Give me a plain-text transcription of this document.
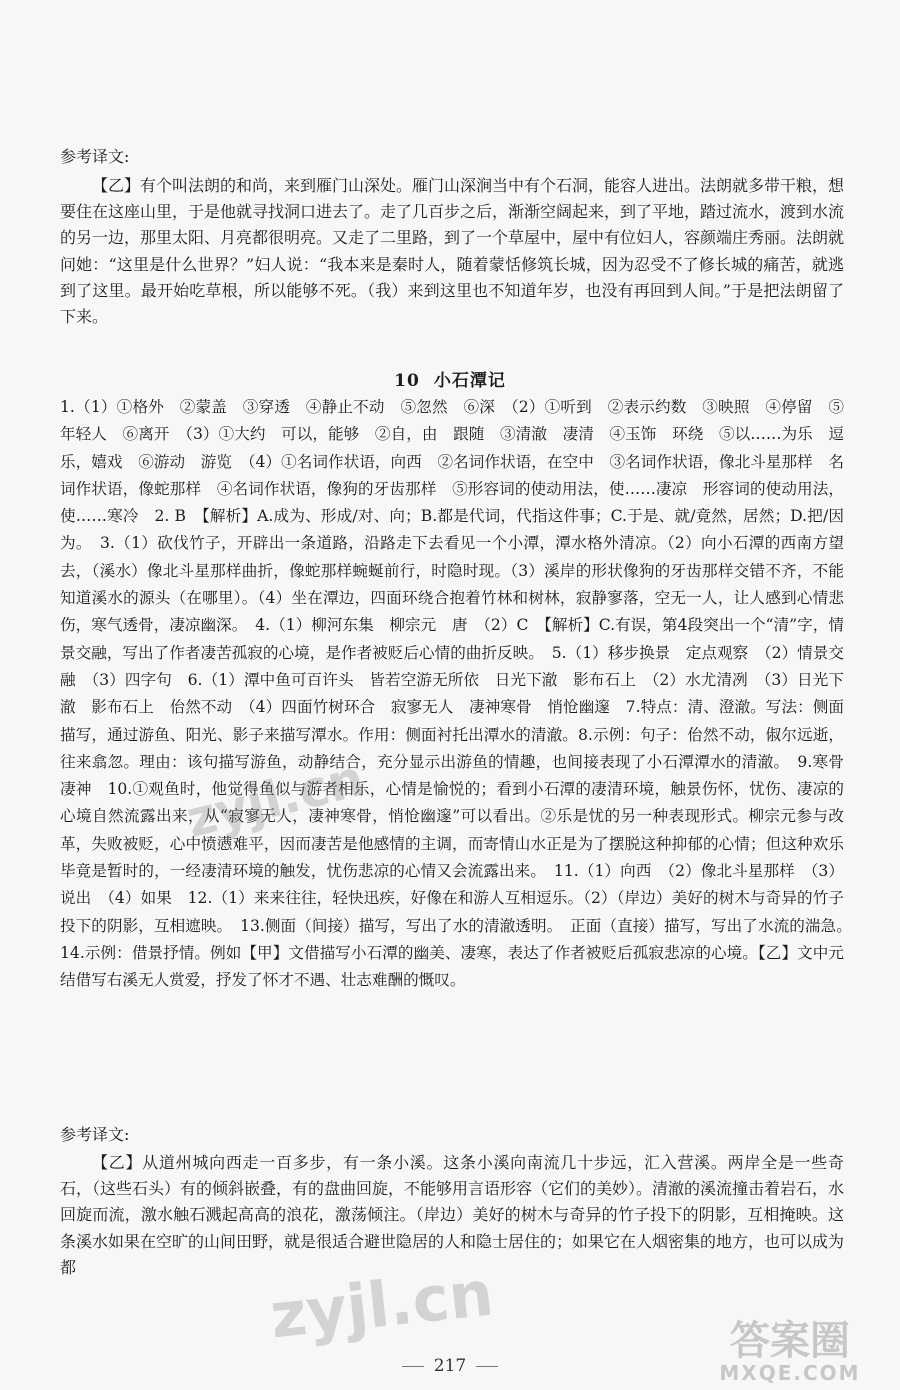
参考译文:

【乙】有个叫法朗的和尚，来到雁门山深处。雁门山深涧当中有个石洞，能容人进出。法朗就多带干粮，想要住在这座山里，于是他就寻找洞口进去了。走了几百步之后，渐渐空阔起来，到了平地，踏过流水，渡到水流的另一边，那里太阳、月亮都很明亮。又走了二里路，到了一个草屋中，屋中有位妇人，容颜端庄秀丽。法朗就问她：“这里是什么世界？”妇人说：“我本来是秦时人，随着蒙恬修筑长城，因为忍受不了修长城的痛苦，就逃到了这里。最开始吃草根，所以能够不死。（我）来到这里也不知道年岁，也没有再回到人间。”于是把法朗留了下来。

10 小石潭记

1.（1）①格外　②蒙盖　③穿透　④静止不动　⑤忽然　⑥深　（2）①听到　②表示约数　③映照　④停留　⑤年轻人　⑥离开　（3）①大约　可以，能够　②自，由　跟随　③清澈　凄清　④玉饰　环绕　⑤以……为乐　逗乐，嬉戏　⑥游动　游览　（4）①名词作状语，向西　②名词作状语，在空中　③名词作状语，像北斗星那样　名词作状语，像蛇那样　④名词作状语，像狗的牙齿那样　⑤形容词的使动用法，使……凄凉　形容词的使动用法，使……寒冷　2. B　【解析】A.成为、形成/对、向；B.都是代词，代指这件事；C.于是、就/竟然，居然；D.把/因为。　3.（1）砍伐竹子，开辟出一条道路，沿路走下去看见一个小潭，潭水格外清凉。（2）向小石潭的西南方望去，（溪水）像北斗星那样曲折，像蛇那样蜿蜒前行，时隐时现。（3）溪岸的形状像狗的牙齿那样交错不齐，不能知道溪水的源头（在哪里）。（4）坐在潭边，四面环绕合抱着竹林和树林，寂静寥落，空无一人，让人感到心情悲伤，寒气透骨，凄凉幽深。　4.（1）柳河东集　柳宗元　唐　（2）C　【解析】C.有误，第4段突出一个“清”字，情景交融，写出了作者凄苦孤寂的心境，是作者被贬后心情的曲折反映。　5.（1）移步换景　定点观察　（2）情景交融　（3）四字句　6.（1）潭中鱼可百许头　皆若空游无所依　日光下澈　影布石上　（2）水尤清冽　（3）日光下澈　影布石上　佁然不动　（4）四面竹树环合　寂寥无人　凄神寒骨　悄怆幽邃　7.特点：清、澄澈。写法：侧面描写，通过游鱼、阳光、影子来描写潭水。作用：侧面衬托出潭水的清澈。8.示例：句子：佁然不动，俶尔远逝，往来翕忽。理由：该句描写游鱼，动静结合，充分显示出游鱼的情趣，也间接表现了小石潭潭水的清澈。　9.寒骨凄神　10.①观鱼时，他觉得鱼似与游者相乐，心情是愉悦的；看到小石潭的凄清环境，触景伤怀，忧伤、凄凉的心境自然流露出来，从“寂寥无人，凄神寒骨，悄怆幽邃”可以看出。②乐是忧的另一种表现形式。柳宗元参与改革，失败被贬，心中愤懑难平，因而凄苦是他感情的主调，而寄情山水正是为了摆脱这种抑郁的心情；但这种欢乐毕竟是暂时的，一经凄清环境的触发，忧伤悲凉的心情又会流露出来。　11.（1）向西　（2）像北斗星那样　（3）说出　（4）如果　12.（1）来来往往，轻快迅疾，好像在和游人互相逗乐。（2）（岸边）美好的树木与奇异的竹子投下的阴影，互相遮映。　13.侧面（间接）描写，写出了水的清澈透明。　正面（直接）描写，写出了水流的湍急。　14.示例：借景抒情。例如【甲】文借描写小石潭的幽美、凄寒，表达了作者被贬后孤寂悲凉的心境。【乙】文中元结借写右溪无人赏爱，抒发了怀才不遇、壮志难酬的慨叹。

参考译文:

【乙】从道州城向西走一百多步，有一条小溪。这条小溪向南流几十步远，汇入营溪。两岸全是一些奇石，（这些石头）有的倾斜嵌叠，有的盘曲回旋，不能够用言语形容（它们的美妙）。清澈的溪流撞击着岩石，水回旋而流，激水触石溅起高高的浪花，激荡倾注。（岸边）美好的树木与奇异的竹子投下的阴影，互相掩映。这条溪水如果在空旷的山间田野，就是很适合避世隐居的人和隐士居住的；如果它在人烟密集的地方，也可以成为都

217
zyjl.cn
zyjl.cn	答案圈
MXQE.COM
